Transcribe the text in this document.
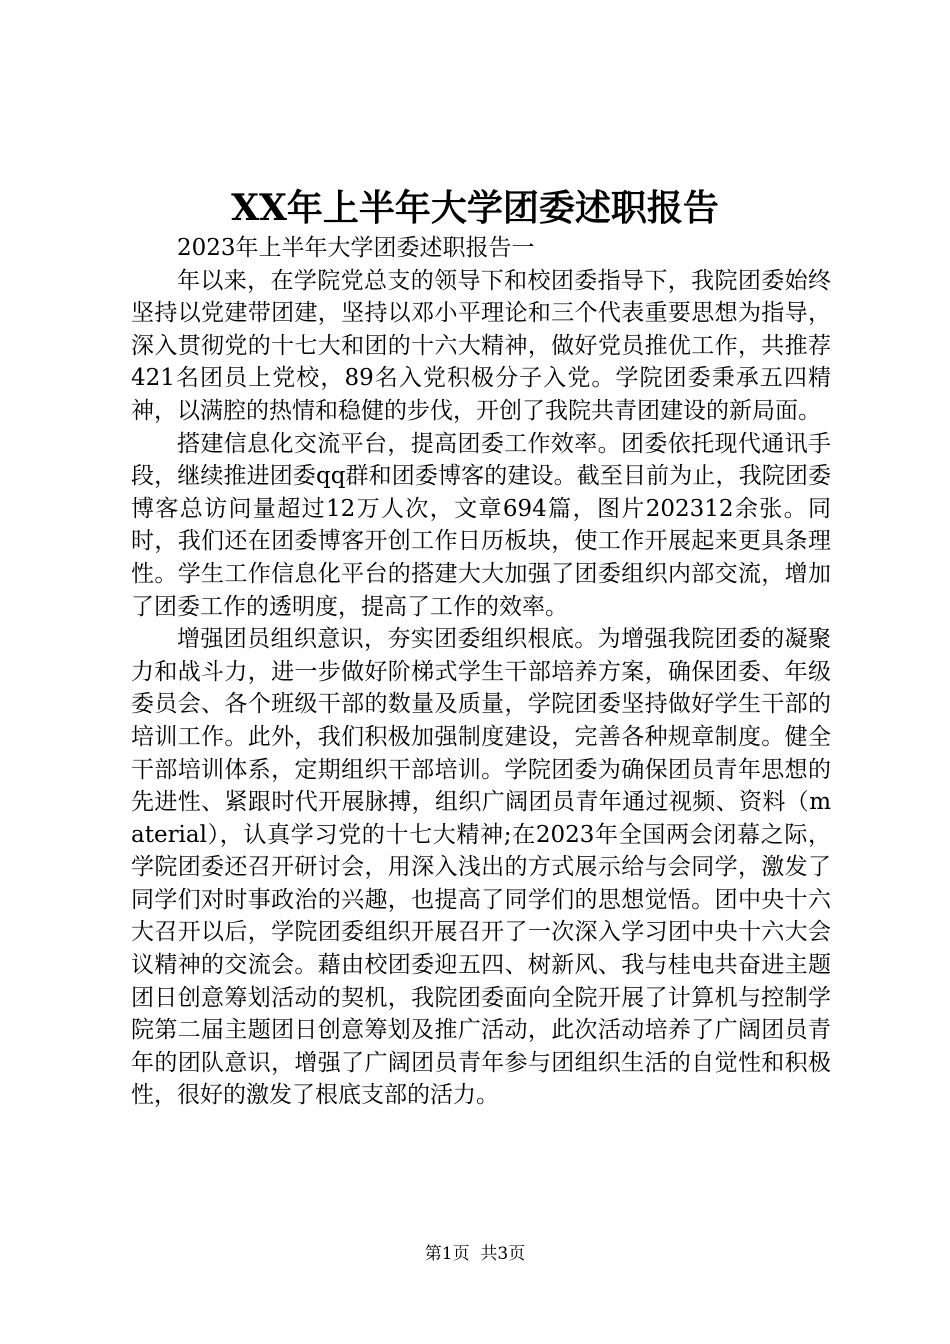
XX年上半年大学团委述职报告

2023年上半年大学团委述职报告一

年以来，在学院党总支的领导下和校团委指导下，我院团委始终坚持以党建带团建，坚持以邓小平理论和三个代表重要思想为指导，深入贯彻党的十七大和团的十六大精神，做好党员推优工作，共推荐421名团员上党校，89名入党积极分子入党。学院团委秉承五四精神，以满腔的热情和稳健的步伐，开创了我院共青团建设的新局面。

搭建信息化交流平台，提高团委工作效率。团委依托现代通讯手段，继续推进团委qq群和团委博客的建设。截至目前为止，我院团委博客总访问量超过12万人次，文章694篇，图片202312余张。同时，我们还在团委博客开创工作日历板块，使工作开展起来更具条理性。学生工作信息化平台的搭建大大加强了团委组织内部交流，增加了团委工作的透明度，提高了工作的效率。

增强团员组织意识，夯实团委组织根底。为增强我院团委的凝聚力和战斗力，进一步做好阶梯式学生干部培养方案，确保团委、年级委员会、各个班级干部的数量及质量，学院团委坚持做好学生干部的培训工作。此外，我们积极加强制度建设，完善各种规章制度。健全干部培训体系，定期组织干部培训。学院团委为确保团员青年思想的先进性、紧跟时代开展脉搏，组织广阔团员青年通过视频、资料（material），认真学习党的十七大精神;在2023年全国两会闭幕之际，学院团委还召开研讨会，用深入浅出的方式展示给与会同学，激发了同学们对时事政治的兴趣，也提高了同学们的思想觉悟。团中央十六大召开以后，学院团委组织开展召开了一次深入学习团中央十六大会议精神的交流会。藉由校团委迎五四、树新风、我与桂电共奋进主题团日创意筹划活动的契机，我院团委面向全院开展了计算机与控制学院第二届主题团日创意筹划及推广活动，此次活动培养了广阔团员青年的团队意识，增强了广阔团员青年参与团组织生活的自觉性和积极性，很好的激发了根底支部的活力。

第1页 共3页
